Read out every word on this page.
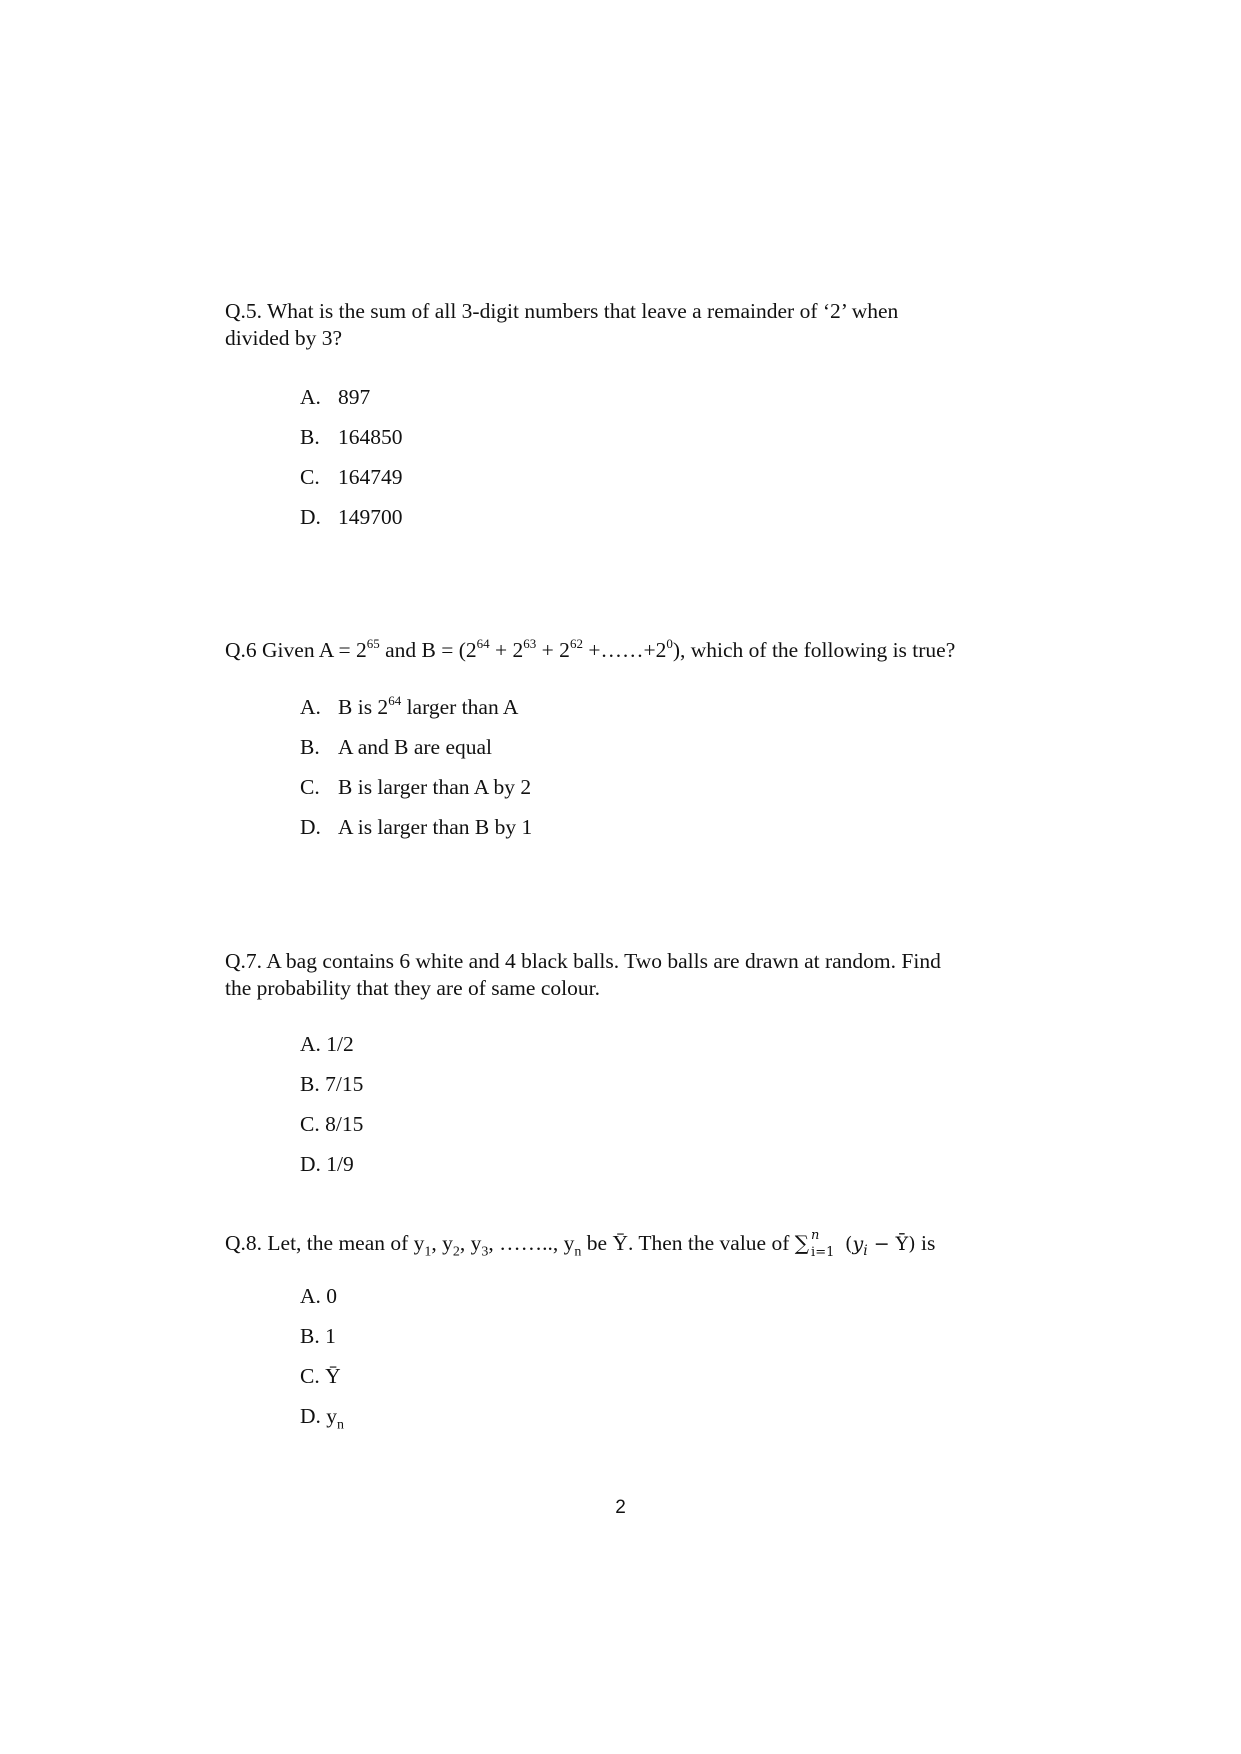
Q.5. What is the sum of all 3-digit numbers that leave a remainder of ‘2’ when
divided by 3?
A. 897
B. 164850
C. 164749
D. 149700
Q.6 Given $A = 2^{65}$ and $B = (2^{64} + 2^{63} + 2^{62}$ $+\dots\dots+2^0$), which of the following is true?
A. B is $2^{64}$ larger than A
B. A and B are equal
C. B is larger than A by 2
D. A is larger than B by 1
Q.7. A bag contains 6 white and 4 black balls. Two balls are drawn at random. Find
the probability that they are of same colour.
A. 1/2
B. 7/15
C. 8/15
D. 1/9
Q.8. Let, the mean of $y_1$, $y_2$, $y_3$, …….., $y_n$ be Ȳ. Then the value of ∑ n
i=1 ($y_i$ − Ȳ) is
A. 0
B. 1
C. Ȳ
D. $y_n$
2
